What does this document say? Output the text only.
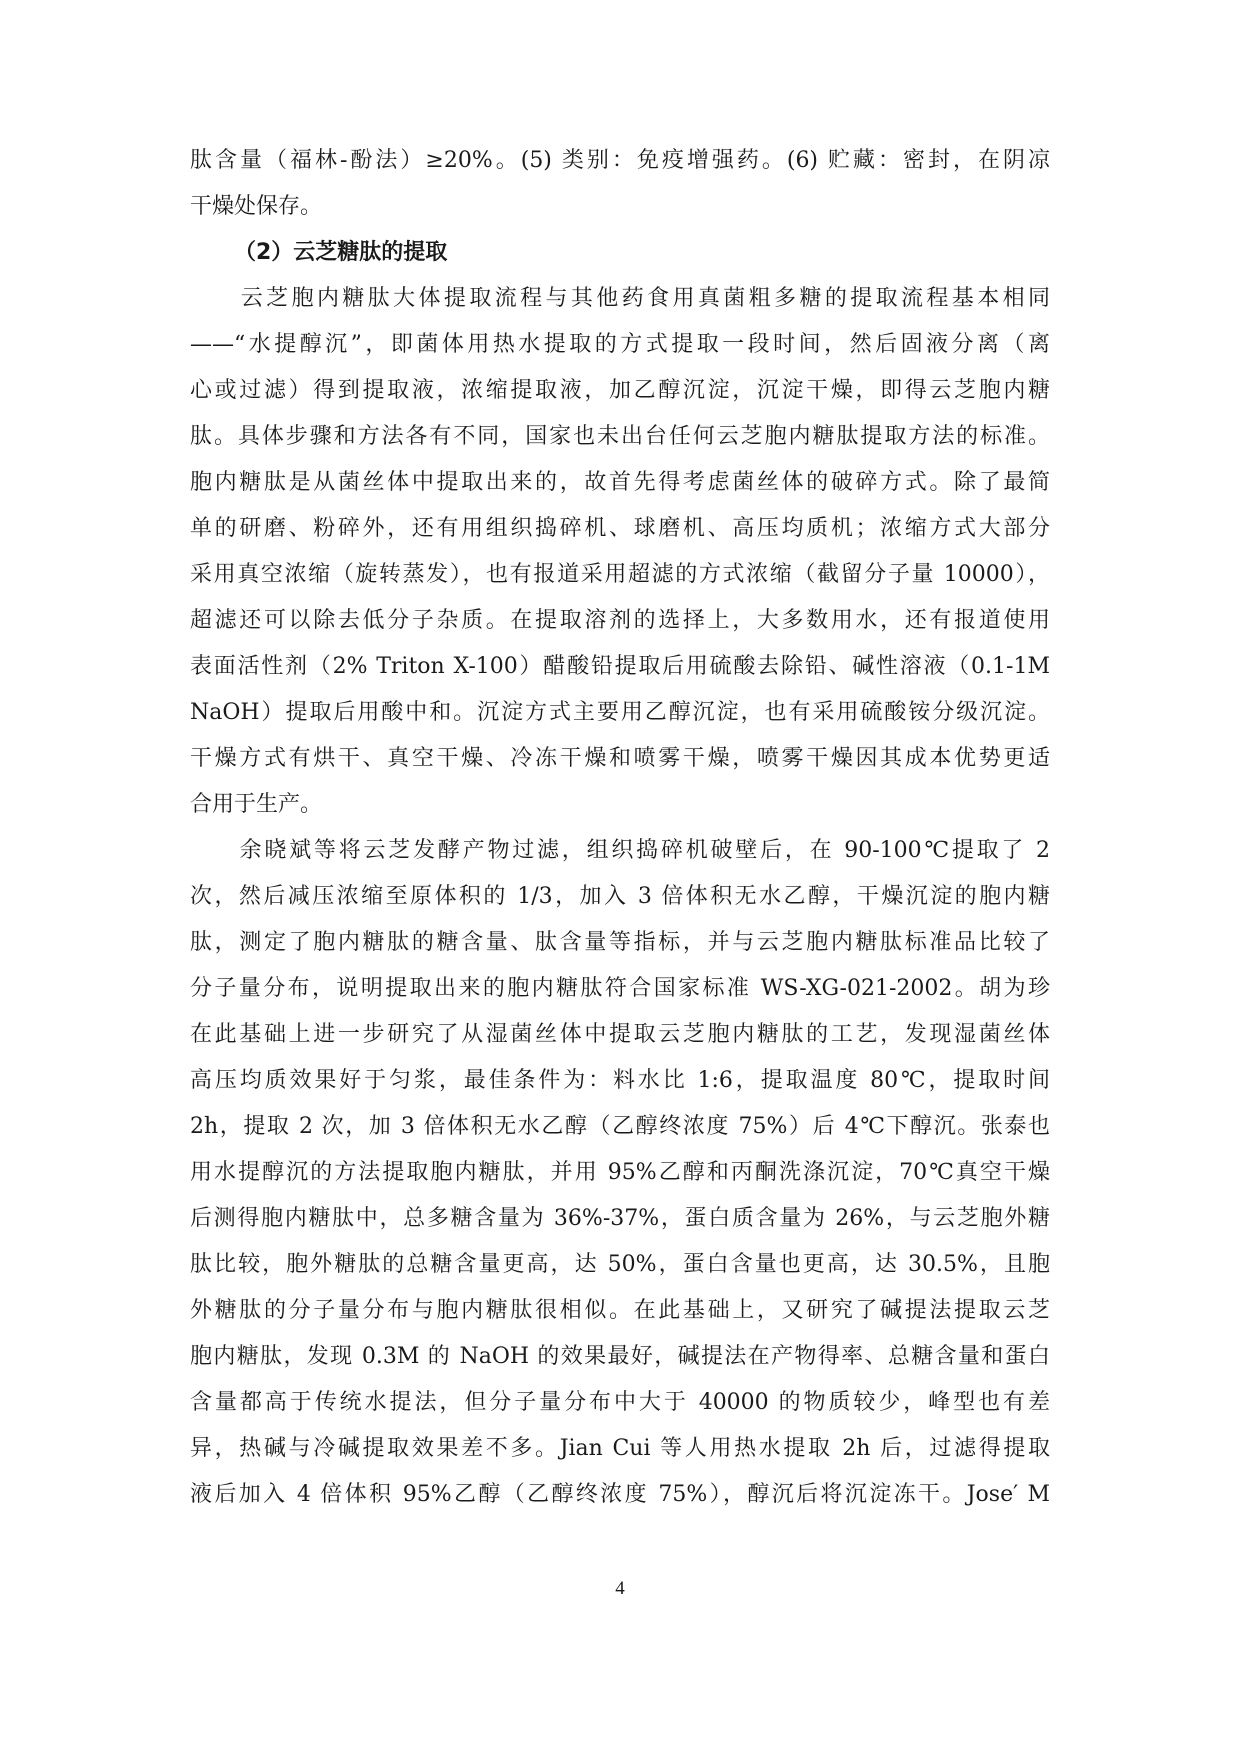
肽含量（福林-酚法）≥20%。(5) 类别：免疫增强药。(6) 贮藏：密封，在阴凉
干燥处保存。
（2）云芝糖肽的提取
　　云芝胞内糖肽大体提取流程与其他药食用真菌粗多糖的提取流程基本相同
——“水提醇沉”，即菌体用热水提取的方式提取一段时间，然后固液分离（离
心或过滤）得到提取液，浓缩提取液，加乙醇沉淀，沉淀干燥，即得云芝胞内糖
肽。具体步骤和方法各有不同，国家也未出台任何云芝胞内糖肽提取方法的标准。
胞内糖肽是从菌丝体中提取出来的，故首先得考虑菌丝体的破碎方式。除了最简
单的研磨、粉碎外，还有用组织捣碎机、球磨机、高压均质机；浓缩方式大部分
采用真空浓缩（旋转蒸发），也有报道采用超滤的方式浓缩（截留分子量 10000），
超滤还可以除去低分子杂质。在提取溶剂的选择上，大多数用水，还有报道使用
表面活性剂（2% Triton X-100）醋酸铅提取后用硫酸去除铅、碱性溶液（0.1-1M
NaOH）提取后用酸中和。沉淀方式主要用乙醇沉淀，也有采用硫酸铵分级沉淀。
干燥方式有烘干、真空干燥、冷冻干燥和喷雾干燥，喷雾干燥因其成本优势更适
合用于生产。
　　余晓斌等将云芝发酵产物过滤，组织捣碎机破壁后，在 90-100℃提取了 2
次，然后减压浓缩至原体积的 1/3，加入 3 倍体积无水乙醇，干燥沉淀的胞内糖
肽，测定了胞内糖肽的糖含量、肽含量等指标，并与云芝胞内糖肽标准品比较了
分子量分布，说明提取出来的胞内糖肽符合国家标准 WS-XG-021-2002。胡为珍
在此基础上进一步研究了从湿菌丝体中提取云芝胞内糖肽的工艺，发现湿菌丝体
高压均质效果好于匀浆，最佳条件为：料水比 1:6，提取温度 80℃，提取时间
2h，提取 2 次，加 3 倍体积无水乙醇（乙醇终浓度 75%）后 4℃下醇沉。张泰也
用水提醇沉的方法提取胞内糖肽，并用 95%乙醇和丙酮洗涤沉淀，70℃真空干燥
后测得胞内糖肽中，总多糖含量为 36%-37%，蛋白质含量为 26%，与云芝胞外糖
肽比较，胞外糖肽的总糖含量更高，达 50%，蛋白含量也更高，达 30.5%，且胞
外糖肽的分子量分布与胞内糖肽很相似。在此基础上，又研究了碱提法提取云芝
胞内糖肽，发现 0.3M 的 NaOH 的效果最好，碱提法在产物得率、总糖含量和蛋白
含量都高于传统水提法，但分子量分布中大于 40000 的物质较少，峰型也有差
异，热碱与冷碱提取效果差不多。Jian Cui 等人用热水提取 2h 后，过滤得提取
液后加入 4 倍体积 95%乙醇（乙醇终浓度 75%），醇沉后将沉淀冻干。Jose′ M
4
